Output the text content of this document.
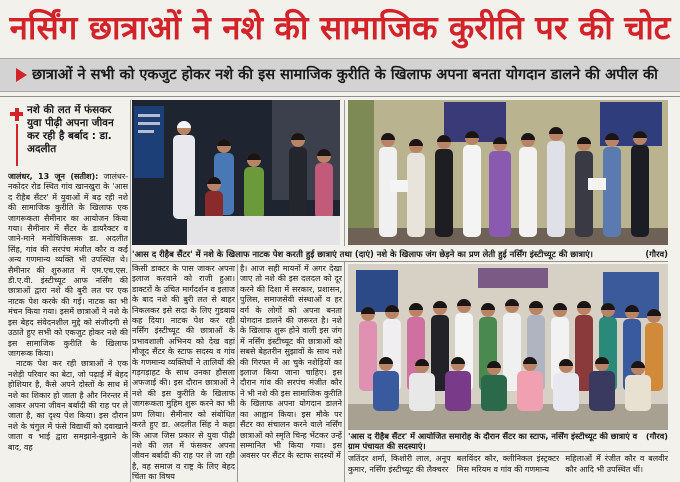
नर्सिंग छात्राओं ने नशे की सामाजिक कुरीति पर की चोट
छात्राओं ने सभी को एकजुट होकर नशे की इस सामाजिक कुरीति के खिलाफ अपना बनता योगदान डालने की अपील की
नशे की लत में फंसकर युवा पीढ़ी अपना जीवन कर रही है बर्बाद : डा. अदलीत

जालंधर, 13 जून (सतीश): जालंधर-नकोदर रोड स्थित गांव खानखुरा के 'आस द रीहैब सैंटर' में युवाओं में बढ़ रही नशे की सामाजिक कुरीति के खिलाफ एक जागरूकता सैमीनार का आयोजन किया गया। सैमीनार में सैंटर के डायरैक्टर व जाने-माने मनोचिकित्सक डा. अदलीत सिंह, गांव की सरपंच मंजीत कौर व कई अन्य गणमान्य व्यक्ति भी उपस्थित थे। सैमीनार की शुरुआत में एम.एच.एस. डी.ए.वी. इंस्टीच्यूट आफ नर्सिंग की छात्राओं द्वारा नशे की बुरी लत पर एक नाटक पेश करके की गई। नाटक का भी मंचन किया गया। इसमें छात्राओं ने नशे के इस बेहद संवेदनशील मुद्दे को संजीदगी से उठाते हुए सभी को एकजुट होकर नशे की इस सामाजिक कुरीति के खिलाफ जागरूक किया।

नाटक पेश कर रही छात्राओं ने एक नशेड़ी परिवार का बेटा, जो पढ़ाई में बेहद होशियार है, कैसे अपने दोस्तों के साथ में नशे का शिकार हो जाता है और निरन्तर में आकर अपना जीवन बर्बादी की राह पर ले जाता है, का दृश्य पेश किया। इस दौरान नशे के चंगुल में फंसे विद्यार्थी को दवाखाने जाता व भाई द्वारा समझाने-बुझाने के बाद, वह

'आस द रीहैब सैंटर' में नशे के खिलाफ नाटक पेश करती हुई छात्राएं तथा (दाएं) नशे के खिलाफ जंग छेड़ने का प्रण लेती हुई नर्सिंग इंस्टीच्यूट की छात्राएं।	(गौरव)

किसी डाक्टर के पास जाकर अपना इलाज करवाने को राजी हुआ। डाक्टरों के उचित मार्गदर्शन व इलाज के बाद नशे की बुरी लत से बाहर निकलकर इसे सदा के लिए गुडबाय कह दिया। नाटक पेश कर रही नर्सिंग इंस्टीच्यूट की छात्राओं के प्रभावशाली अभिनय को देख वहां मौजूद सैंटर के स्टाफ सदस्य व गांव के गणमान्य व्यक्तियों ने तालियों की गड़गड़ाहट के साथ उनका हौसला अफजाई की। इस दौरान छात्राओं ने नशे की इस कुरीति के खिलाफ जागरूकता मुहिम शुरू करने का भी प्रण लिया। सैमीनार को संबोधित करते हुए डा. अदलीत सिंह ने कहा कि आज जिस प्रकार से युवा पीढ़ी नशे की लत में फंसकर अपना जीवन बर्बादी की राह पर ले जा रही है, वह समाज व राष्ट्र के लिए बेहद चिंता का विषय

है। आज सही मायनों में अगर देखा जाए तो नशे की इस दलदल को दूर करने की दिशा में सरकार, प्रशासन, पुलिस, समाजसेवी संस्थाओं व हर वर्ग के लोगों को अपना बनता योगदान डालने की जरूरत है। नशे के खिलाफ शुरू होने वाली इस जंग में नर्सिंग इंस्टीच्यूट की छात्राओं को सबसे बेहतरीन सुझावों के साथ नशे की गिरफ्त में आ चुके नशेड़ियों का इलाज किया जाना चाहिए। इस दौरान गांव की सरपंच मंजीत कौर ने भी नशे की इस सामाजिक कुरीति के खिलाफ अपना योगदान डालने का आह्वान किया। इस मौके पर सैंटर का संचालन करने वाले नर्सिंग छात्राओं को स्मृति चिन्ह भेंटकर उन्हें सम्मानित भी किया गया। इस अवसर पर सैंटर के स्टाफ सदस्यों में

(गौरव)
'आस द रीहैब सैंटर' में आयोजित समारोह के दौरान सैंटर का स्टाफ, नर्सिंग इंस्टीच्यूट की छात्राएं व ग्राम पंचायत की सदस्याएं।
जतिंदर शर्मा, किशोरी लाल, अनूप कुमार, नर्सिंग इंस्टीच्यूट की लैक्चरर
बलविंदर कौर, क्लीनिकल इंस्ट्रक्टर मिस मरियम व गांव की गणमान्य
महिलाओं में रंजीत कौर व बलवीर कौर आदि भी उपस्थित थीं।
